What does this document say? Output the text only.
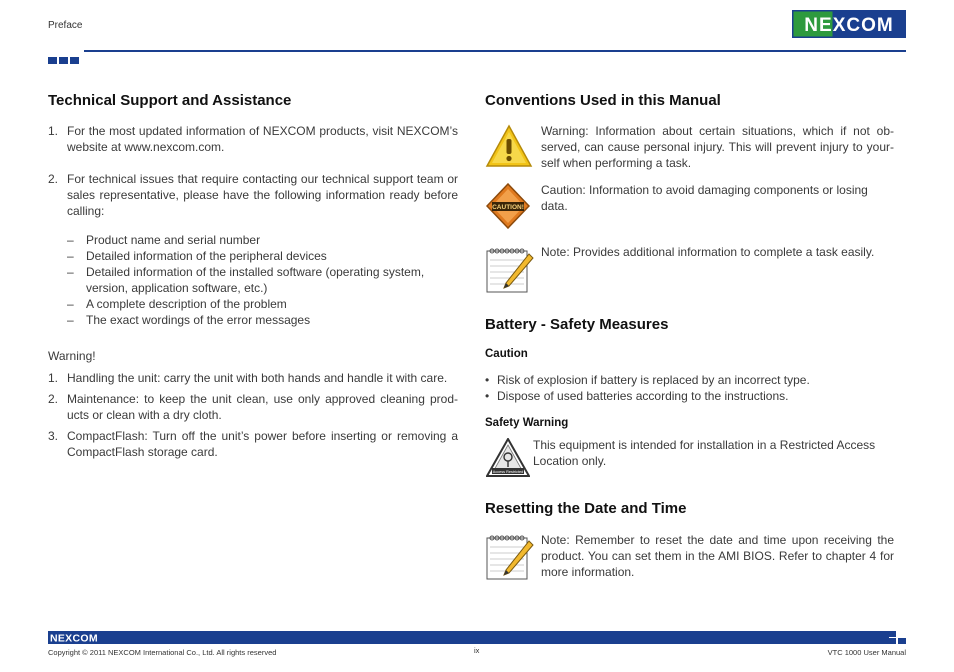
Preface	NEXCOM
Technical Support and Assistance
1. For the most updated information of NEXCOM products, visit NEXCOM’s website at www.nexcom.com.
2. For technical issues that require contacting our technical support team or sales representative, please have the following information ready before calling:
– Product name and serial number
– Detailed information of the peripheral devices
– Detailed information of the installed software (operating system, version, application software, etc.)
– A complete description of the problem
– The exact wordings of the error messages
Warning!
1. Handling the unit: carry the unit with both hands and handle it with care.
2. Maintenance: to keep the unit clean, use only approved cleaning prod-ucts or clean with a dry cloth.
3. CompactFlash: Turn off the unit’s power before inserting or removing a CompactFlash storage card.
Conventions Used in this Manual
Warning: Information about certain situations, which if not ob-served, can cause personal injury. This will prevent injury to your-self when performing a task.
CAUTION!
Caution: Information to avoid damaging components or losing data.
Note: Provides additional information to complete a task easily.
Battery - Safety Measures
Caution
• Risk of explosion if battery is replaced by an incorrect type.
• Dispose of used batteries according to the instructions.
Safety Warning
Access Restricted
This equipment is intended for installation in a Restricted Access Location only.
Resetting the Date and Time
Note: Remember to reset the date and time upon receiving the product. You can set them in the AMI BIOS. Refer to chapter 4 for more information.
NEXCOM
Copyright © 2011 NEXCOM International Co., Ltd. All rights reserved	ix	VTC 1000 User Manual
